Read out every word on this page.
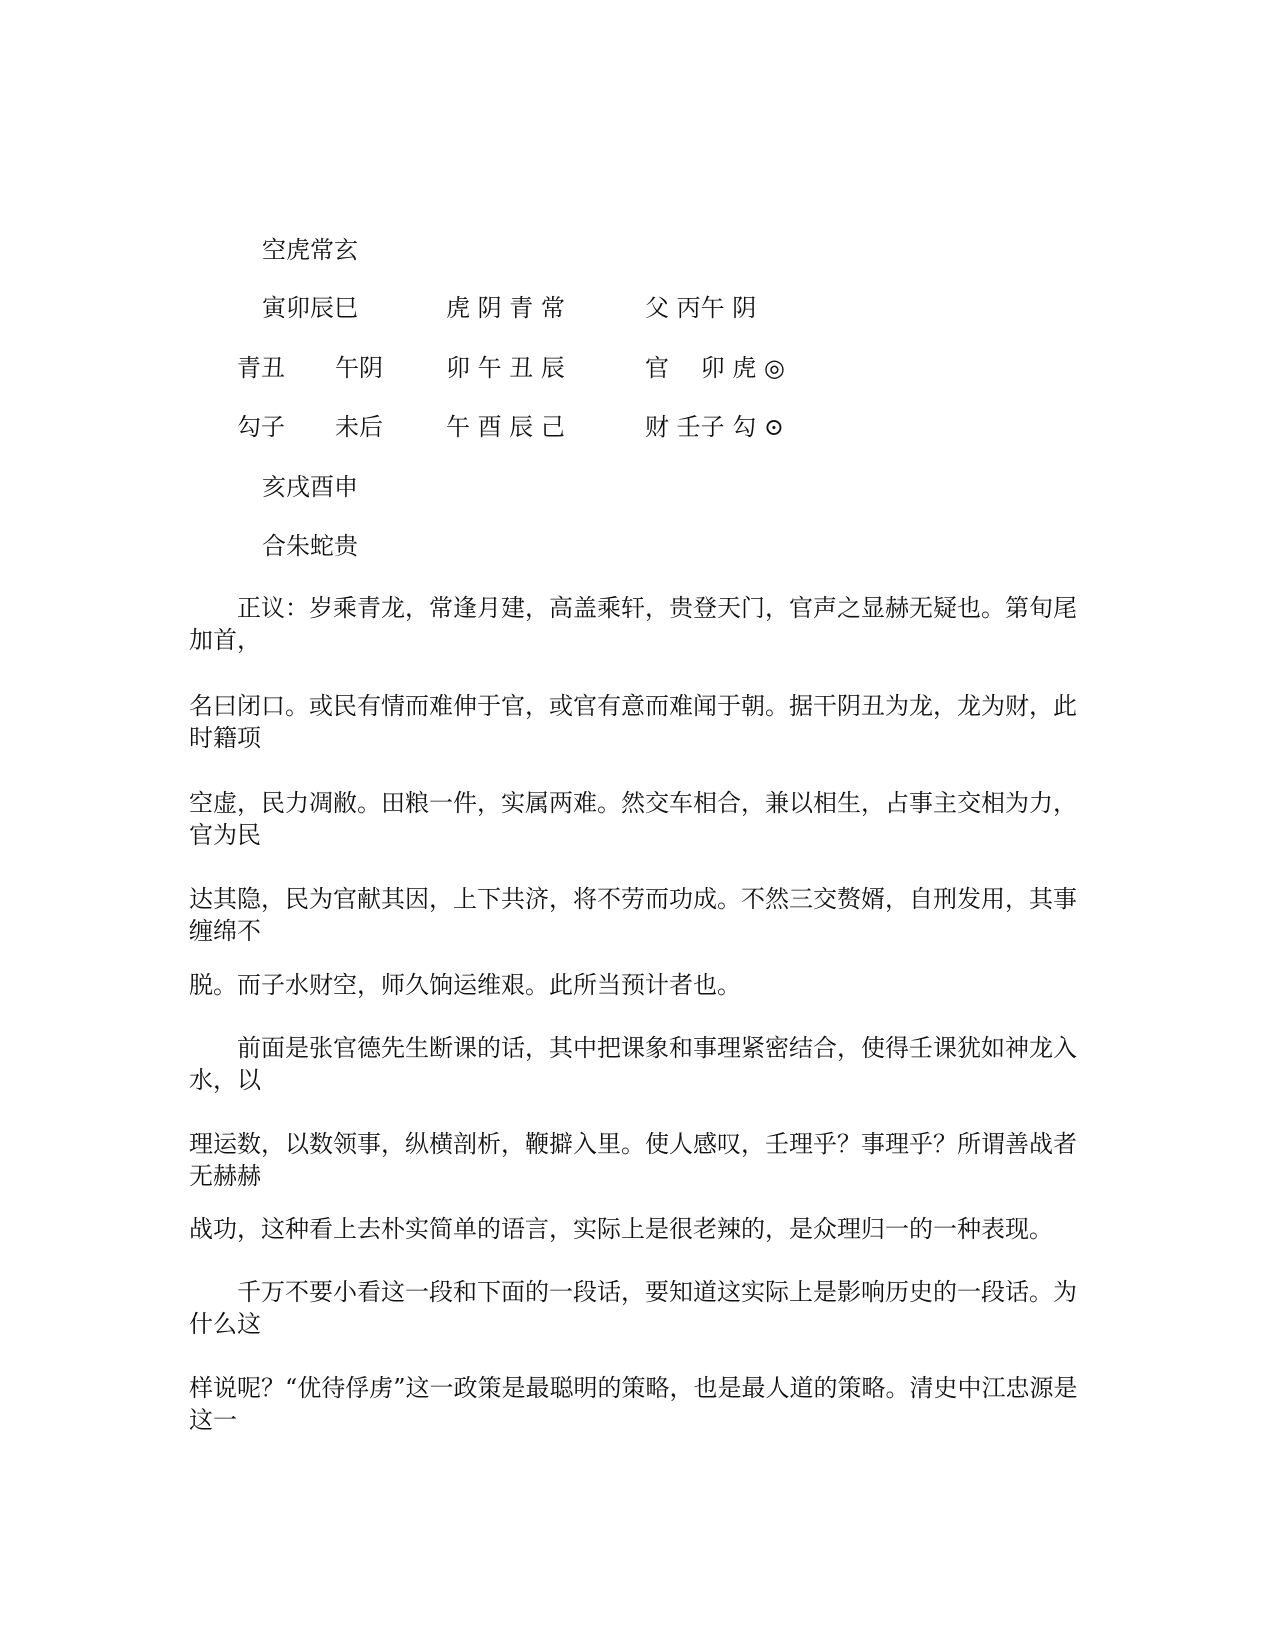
空虎常玄

寅卯辰巳	虎 阴 青 常	父 丙午 阴

青丑 午阴	卯 午 丑 辰	官　 卯 虎 ◎

勾子 未后	午 酉 辰 己	财 壬子 勾 ⊙

亥戌酉申

合朱蛇贵

正议：岁乘青龙，常逢月建，高盖乘轩，贵登天门，官声之显赫无疑也。第旬尾加首，

名曰闭口。或民有情而难伸于官，或官有意而难闻于朝。据干阴丑为龙，龙为财，此时籍项

空虚，民力凋敝。田粮一件，实属两难。然交车相合，兼以相生，占事主交相为力，官为民

达其隐，民为官献其因，上下共济，将不劳而功成。不然三交赘婿，自刑发用，其事缠绵不

脱。而子水财空，师久饷运维艰。此所当预计者也。

前面是张官德先生断课的话，其中把课象和事理紧密结合，使得壬课犹如神龙入水，以

理运数，以数领事，纵横剖析，鞭擗入里。使人感叹，壬理乎？事理乎？所谓善战者无赫赫

战功，这种看上去朴实简单的语言，实际上是很老辣的，是众理归一的一种表现。

千万不要小看这一段和下面的一段话，要知道这实际上是影响历史的一段话。为什么这

样说呢？“优待俘虏”这一政策是最聪明的策略，也是最人道的策略。清史中江忠源是这一
